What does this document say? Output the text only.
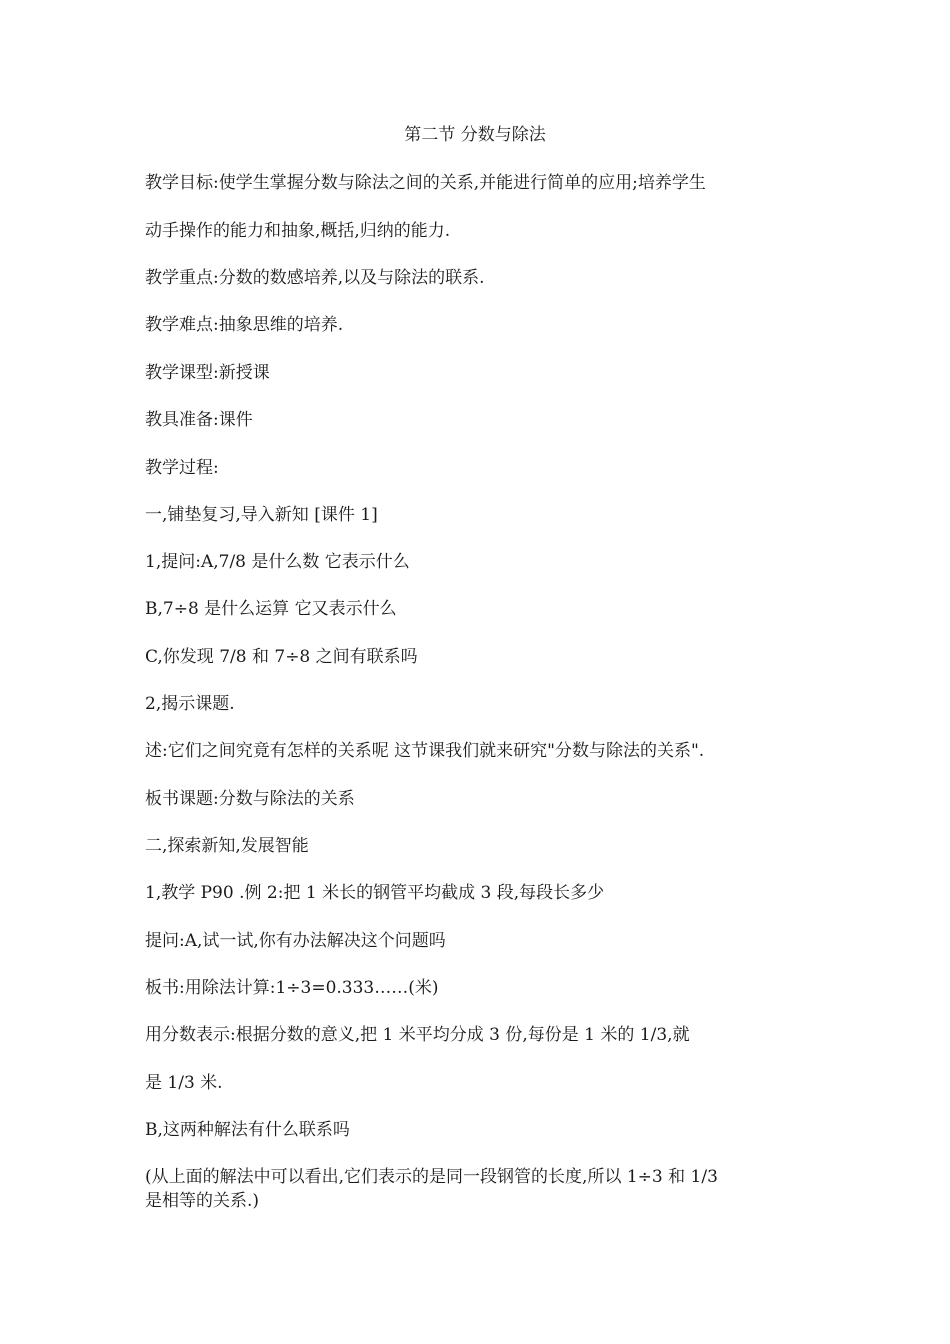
第二节 分数与除法
教学目标:使学生掌握分数与除法之间的关系,并能进行简单的应用;培养学生
动手操作的能力和抽象,概括,归纳的能力.
教学重点:分数的数感培养,以及与除法的联系.
教学难点:抽象思维的培养.
教学课型:新授课
教具准备:课件
教学过程:
一,铺垫复习,导入新知 [课件 1]
1,提问:A,7/8 是什么数 它表示什么
B,7÷8 是什么运算 它又表示什么
C,你发现 7/8 和 7÷8 之间有联系吗
2,揭示课题.
述:它们之间究竟有怎样的关系呢 这节课我们就来研究"分数与除法的关系".
板书课题:分数与除法的关系
二,探索新知,发展智能
1,教学 P90 .例 2:把 1 米长的钢管平均截成 3 段,每段长多少
提问:A,试一试,你有办法解决这个问题吗
板书:用除法计算:1÷3=0.333……(米)
用分数表示:根据分数的意义,把 1 米平均分成 3 份,每份是 1 米的 1/3,就
是 1/3 米.
B,这两种解法有什么联系吗
(从上面的解法中可以看出,它们表示的是同一段钢管的长度,所以 1÷3 和 1/3
是相等的关系.)
